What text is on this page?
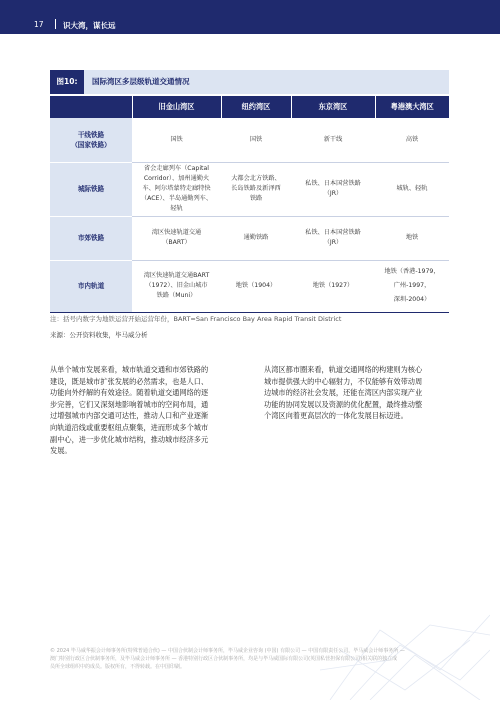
17	识大湾，谋长远
图10:	国际湾区多层级轨道交通情况
	旧金山湾区	纽约湾区	东京湾区	粤港澳大湾区

干线铁路
（国家铁路）	国铁	国铁	新干线	高铁

城际铁路	省会走廊列车（Capital
Corridor）、加州通勤火
车、阿尔塔蒙特走廊特快
（ACE）、半岛通勤列车、
轻轨	大都会北方铁路、
长岛铁路及新泽西
铁路	私铁、日本国营铁路
（JR）	城轨、轻轨

市郊铁路	湾区快速轨道交通
（BART）	通勤铁路	私铁、日本国营铁路
（JR）	地铁

市内轨道	湾区快速轨道交通BART
（1972）、旧金山城市
铁路（Muni）	地铁（1904）	地铁（1927）	地铁（香港-1979，
广州-1997，
深圳-2004）
注：括号内数字为地铁运营开始运营年份，BART=San Francisco Bay Area Rapid Transit District
来源：公开资料收集，毕马威分析
从单个城市发展来看，城市轨道交通和市郊铁路的
建设，既是城市扩张发展的必然需求，也是人口、
功能向外纾解的有效途径。随着轨道交通网络的逐
步完善，它们又深刻地影响着城市的空间布局，通
过增强城市内部交通可达性，推动人口和产业逐渐
向轨道沿线或重要枢纽点聚集，进而形成多个城市
副中心，进一步优化城市结构，推动城市经济多元
发展。
从湾区都市圈来看，轨道交通网络的构建则为核心
城市提供强大的中心辐射力，不仅能够有效带动周
边城市的经济社会发展，还能在湾区内部实现产业
功能的协同发展以及资源的优化配置，最终推动整
个湾区向着更高层次的一体化发展目标迈进。
© 2024 毕马威华振会计师事务所(特殊普通合伙) — 中国合伙制会计师事务所，毕马威企业咨询 (中国) 有限公司 — 中国有限责任公司，毕马威会计师事务所 —
澳门特别行政区合伙制事务所，及毕马威会计师事务所 — 香港特别行政区合伙制事务所，均是与毕马威国际有限公司(英国私营担保有限公司)相关联的独立成
员所全球组织中的成员。版权所有，不得转载。在中国印刷。
